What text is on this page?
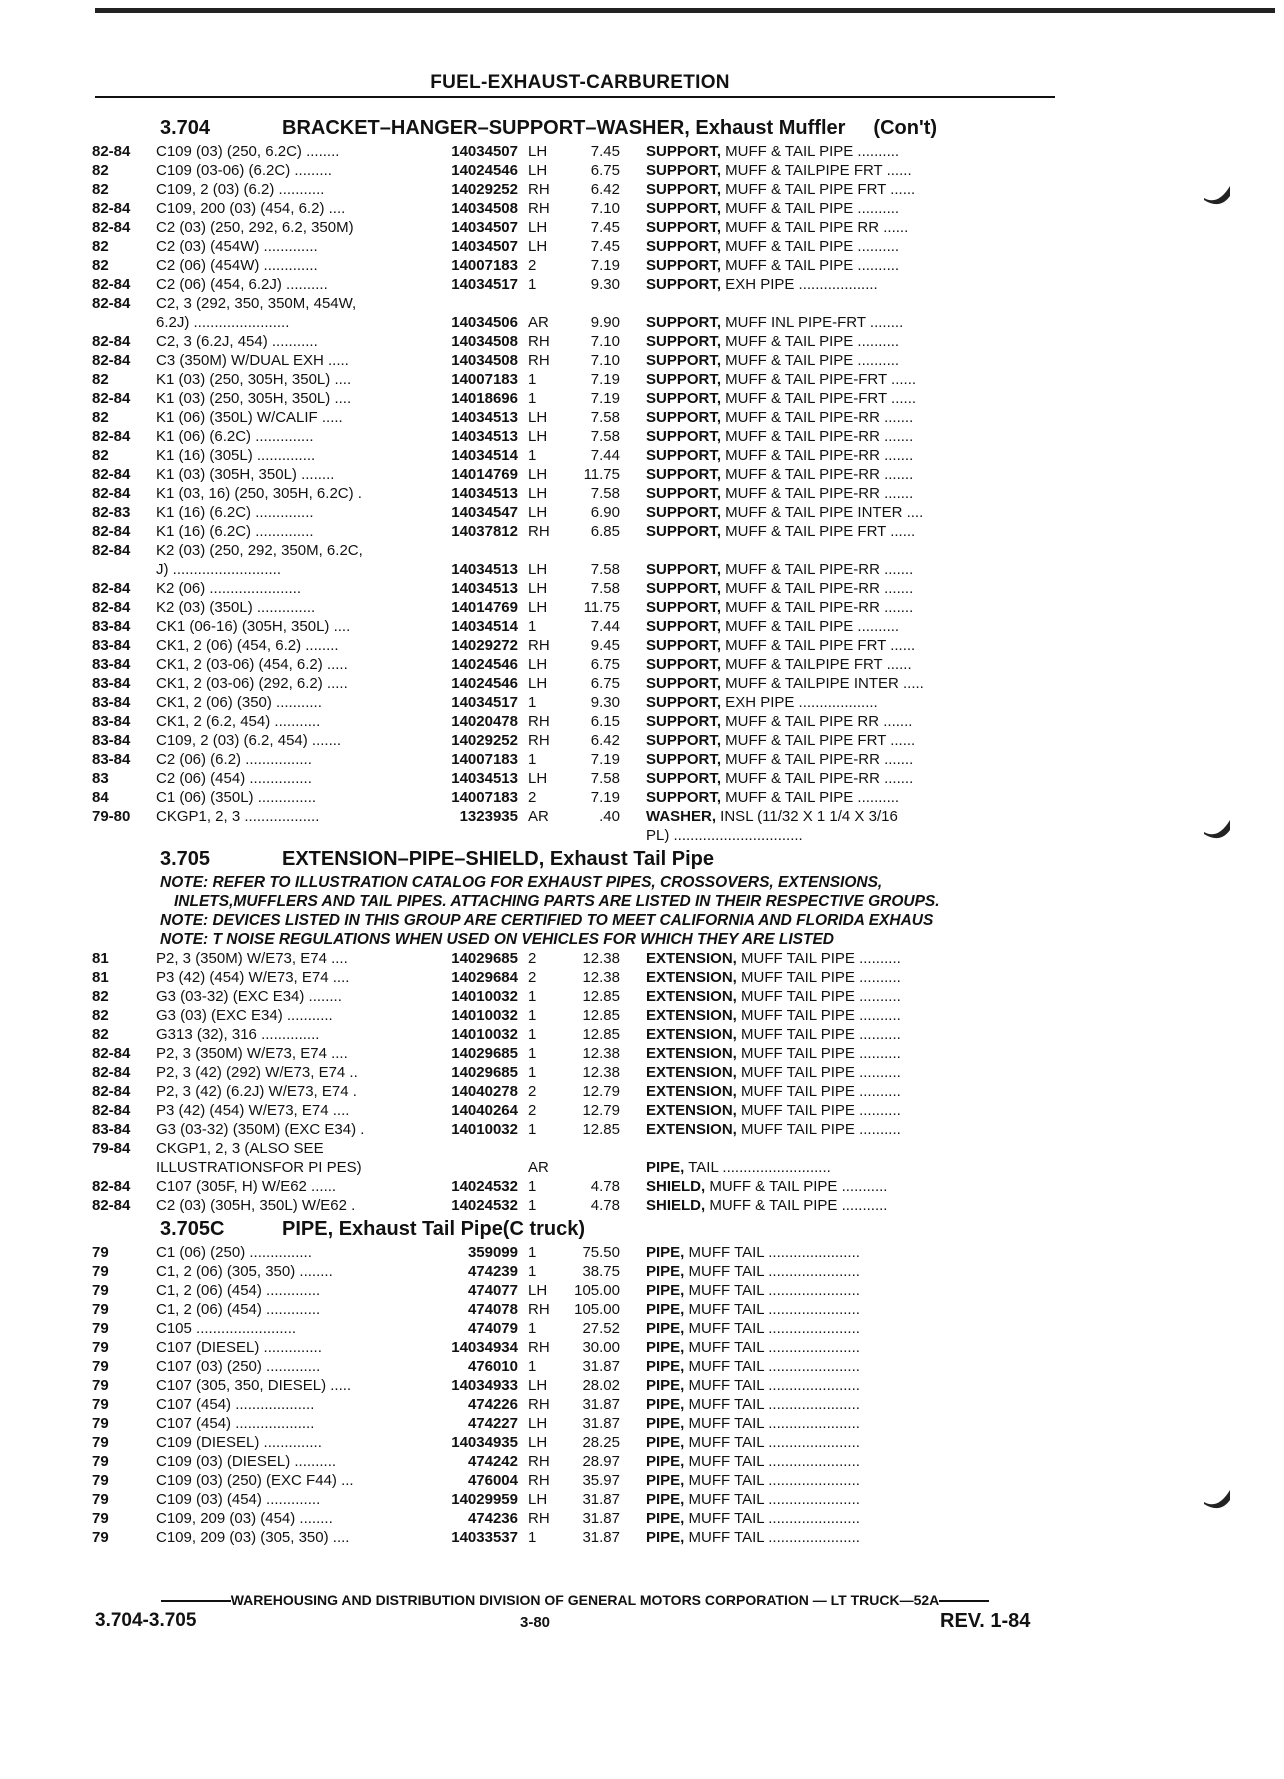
FUEL-EXHAUST-CARBURETION
3.704	BRACKET–HANGER–SUPPORT–WASHER, Exhaust Muffler (Con't)
82-84	C109 (03) (250, 6.2C) ........	14034507 LH	7.45 SUPPORT, MUFF & TAIL PIPE ..........
82	C109 (03-06) (6.2C) .........	14024546 LH	6.75 SUPPORT, MUFF & TAILPIPE FRT ......
82	C109, 2 (03) (6.2) ...........	14029252 RH	6.42 SUPPORT, MUFF & TAIL PIPE FRT ......
82-84	C109, 200 (03) (454, 6.2) ....	14034508 RH	7.10 SUPPORT, MUFF & TAIL PIPE ..........
82-84	C2 (03) (250, 292, 6.2, 350M)	14034507 LH	7.45 SUPPORT, MUFF & TAIL PIPE RR ......
82	C2 (03) (454W) .............	14034507 LH	7.45 SUPPORT, MUFF & TAIL PIPE ..........
82	C2 (06) (454W) .............	14007183 2	7.19 SUPPORT, MUFF & TAIL PIPE ..........
82-84	C2 (06) (454, 6.2J) ..........	14034517 1	9.30 SUPPORT, EXH PIPE ...................
82-84	C2, 3 (292, 350, 350M, 454W,
6.2J) .......................	14034506 AR	9.90 SUPPORT, MUFF INL PIPE-FRT ........
82-84	C2, 3 (6.2J, 454) ...........	14034508 RH	7.10 SUPPORT, MUFF & TAIL PIPE ..........
82-84	C3 (350M) W/DUAL EXH .....	14034508 RH	7.10 SUPPORT, MUFF & TAIL PIPE ..........
82	K1 (03) (250, 305H, 350L) ....	14007183 1	7.19 SUPPORT, MUFF & TAIL PIPE-FRT ......
82-84	K1 (03) (250, 305H, 350L) ....	14018696 1	7.19 SUPPORT, MUFF & TAIL PIPE-FRT ......
82	K1 (06) (350L) W/CALIF .....	14034513 LH	7.58 SUPPORT, MUFF & TAIL PIPE-RR .......
82-84	K1 (06) (6.2C) ..............	14034513 LH	7.58 SUPPORT, MUFF & TAIL PIPE-RR .......
82	K1 (16) (305L) ..............	14034514 1	7.44 SUPPORT, MUFF & TAIL PIPE-RR .......
82-84	K1 (03) (305H, 350L) ........	14014769 LH	11.75 SUPPORT, MUFF & TAIL PIPE-RR .......
82-84	K1 (03, 16) (250, 305H, 6.2C) .	14034513 LH	7.58 SUPPORT, MUFF & TAIL PIPE-RR .......
82-83	K1 (16) (6.2C) ..............	14034547 LH	6.90 SUPPORT, MUFF & TAIL PIPE INTER ....
82-84	K1 (16) (6.2C) ..............	14037812 RH	6.85 SUPPORT, MUFF & TAIL PIPE FRT ......
82-84	K2 (03) (250, 292, 350M, 6.2C,
J) ..........................	14034513 LH	7.58 SUPPORT, MUFF & TAIL PIPE-RR .......
82-84	K2 (06) ......................	14034513 LH	7.58 SUPPORT, MUFF & TAIL PIPE-RR .......
82-84	K2 (03) (350L) ..............	14014769 LH	11.75 SUPPORT, MUFF & TAIL PIPE-RR .......
83-84	CK1 (06-16) (305H, 350L) ....	14034514 1	7.44 SUPPORT, MUFF & TAIL PIPE ..........
83-84	CK1, 2 (06) (454, 6.2) ........	14029272 RH	9.45 SUPPORT, MUFF & TAIL PIPE FRT ......
83-84	CK1, 2 (03-06) (454, 6.2) .....	14024546 LH	6.75 SUPPORT, MUFF & TAILPIPE FRT ......
83-84	CK1, 2 (03-06) (292, 6.2) .....	14024546 LH	6.75 SUPPORT, MUFF & TAILPIPE INTER .....
83-84	CK1, 2 (06) (350) ...........	14034517 1	9.30 SUPPORT, EXH PIPE ...................
83-84	CK1, 2 (6.2, 454) ...........	14020478 RH	6.15 SUPPORT, MUFF & TAIL PIPE RR .......
83-84	C109, 2 (03) (6.2, 454) .......	14029252 RH	6.42 SUPPORT, MUFF & TAIL PIPE FRT ......
83-84	C2 (06) (6.2) ................	14007183 1	7.19 SUPPORT, MUFF & TAIL PIPE-RR .......
83	C2 (06) (454) ...............	14034513 LH	7.58 SUPPORT, MUFF & TAIL PIPE-RR .......
84	C1 (06) (350L) ..............	14007183 2	7.19 SUPPORT, MUFF & TAIL PIPE ..........
79-80	CKGP1, 2, 3 ..................	1323935 AR	.40 WASHER, INSL (11/32 X 1 1/4 X 3/16
PL) ...............................
3.705	EXTENSION–PIPE–SHIELD, Exhaust Tail Pipe
NOTE: REFER TO ILLUSTRATION CATALOG FOR EXHAUST PIPES, CROSSOVERS, EXTENSIONS,
INLETS,MUFFLERS AND TAIL PIPES. ATTACHING PARTS ARE LISTED IN THEIR RESPECTIVE GROUPS.
NOTE: DEVICES LISTED IN THIS GROUP ARE CERTIFIED TO MEET CALIFORNIA AND FLORIDA EXHAUS
NOTE: T NOISE REGULATIONS WHEN USED ON VEHICLES FOR WHICH THEY ARE LISTED
81	P2, 3 (350M) W/E73, E74 ....	14029685 2	12.38 EXTENSION, MUFF TAIL PIPE ..........
81	P3 (42) (454) W/E73, E74 ....	14029684 2	12.38 EXTENSION, MUFF TAIL PIPE ..........
82	G3 (03-32) (EXC E34) ........	14010032 1	12.85 EXTENSION, MUFF TAIL PIPE ..........
82	G3 (03) (EXC E34) ...........	14010032 1	12.85 EXTENSION, MUFF TAIL PIPE ..........
82	G313 (32), 316 ..............	14010032 1	12.85 EXTENSION, MUFF TAIL PIPE ..........
82-84	P2, 3 (350M) W/E73, E74 ....	14029685 1	12.38 EXTENSION, MUFF TAIL PIPE ..........
82-84	P2, 3 (42) (292) W/E73, E74 ..	14029685 1	12.38 EXTENSION, MUFF TAIL PIPE ..........
82-84	P2, 3 (42) (6.2J) W/E73, E74 .	14040278 2	12.79 EXTENSION, MUFF TAIL PIPE ..........
82-84	P3 (42) (454) W/E73, E74 ....	14040264 2	12.79 EXTENSION, MUFF TAIL PIPE ..........
83-84	G3 (03-32) (350M) (EXC E34) .	14010032 1	12.85 EXTENSION, MUFF TAIL PIPE ..........
79-84	CKGP1, 2, 3 (ALSO SEE
ILLUSTRATIONSFOR PI PES)	AR	PIPE, TAIL ..........................
82-84	C107 (305F, H) W/E62 ......	14024532 1	4.78 SHIELD, MUFF & TAIL PIPE ...........
82-84	C2 (03) (305H, 350L) W/E62 .	14024532 1	4.78 SHIELD, MUFF & TAIL PIPE ...........
3.705C	PIPE, Exhaust Tail Pipe(C truck)
79	C1 (06) (250) ...............	359099 1	75.50 PIPE, MUFF TAIL ......................
79	C1, 2 (06) (305, 350) ........	474239 1	38.75 PIPE, MUFF TAIL ......................
79	C1, 2 (06) (454) .............	474077 LH	105.00 PIPE, MUFF TAIL ......................
79	C1, 2 (06) (454) .............	474078 RH	105.00 PIPE, MUFF TAIL ......................
79	C105 ........................	474079 1	27.52 PIPE, MUFF TAIL ......................
79	C107 (DIESEL) ..............	14034934 RH	30.00 PIPE, MUFF TAIL ......................
79	C107 (03) (250) .............	476010 1	31.87 PIPE, MUFF TAIL ......................
79	C107 (305, 350, DIESEL) .....	14034933 LH	28.02 PIPE, MUFF TAIL ......................
79	C107 (454) ...................	474226 RH	31.87 PIPE, MUFF TAIL ......................
79	C107 (454) ...................	474227 LH	31.87 PIPE, MUFF TAIL ......................
79	C109 (DIESEL) ..............	14034935 LH	28.25 PIPE, MUFF TAIL ......................
79	C109 (03) (DIESEL) ..........	474242 RH	28.97 PIPE, MUFF TAIL ......................
79	C109 (03) (250) (EXC F44) ...	476004 RH	35.97 PIPE, MUFF TAIL ......................
79	C109 (03) (454) .............	14029959 LH	31.87 PIPE, MUFF TAIL ......................
79	C109, 209 (03) (454) ........	474236 RH	31.87 PIPE, MUFF TAIL ......................
79	C109, 209 (03) (305, 350) ....	14033537 1	31.87 PIPE, MUFF TAIL ......................
WAREHOUSING AND DISTRIBUTION DIVISION OF GENERAL MOTORS CORPORATION — LT TRUCK—52A
3.704-3.705	3-80	REV. 1-84
